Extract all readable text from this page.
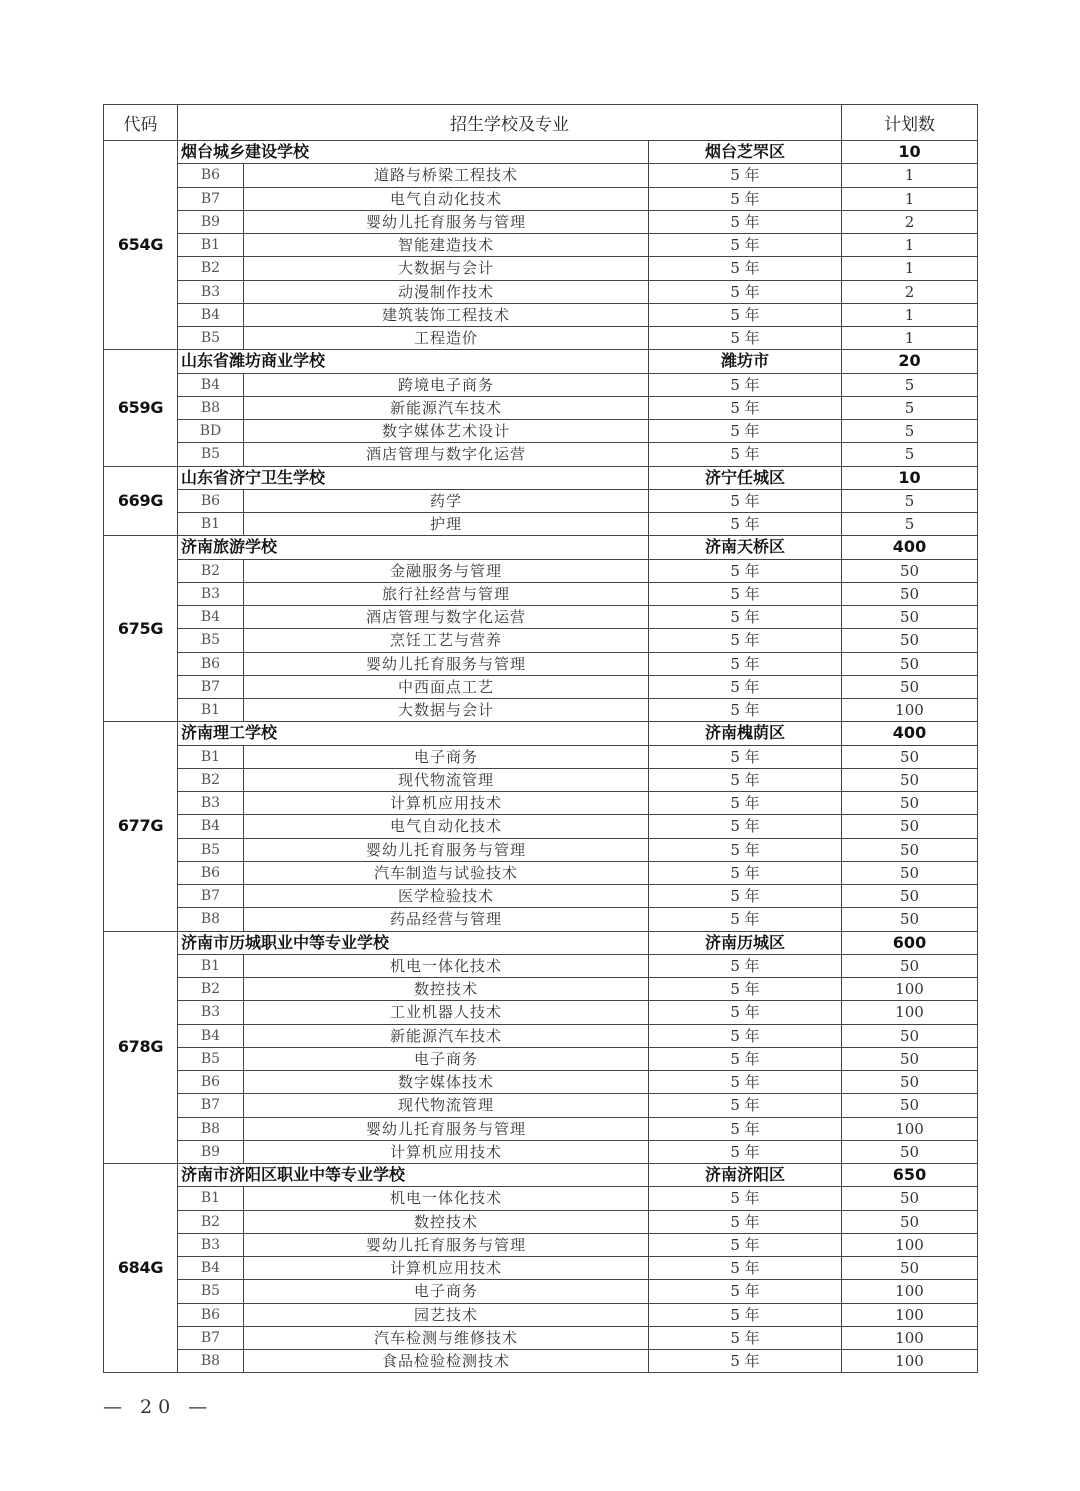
代码	招生学校及专业			计划数
654G	烟台城乡建设学校		烟台芝罘区	10
	B6	道路与桥梁工程技术	5 年	1
	B7	电气自动化技术	5 年	1
	B9	婴幼儿托育服务与管理	5 年	2
	B1	智能建造技术	5 年	1
	B2	大数据与会计	5 年	1
	B3	动漫制作技术	5 年	2
	B4	建筑装饰工程技术	5 年	1
	B5	工程造价	5 年	1
659G	山东省潍坊商业学校		潍坊市	20
	B4	跨境电子商务	5 年	5
	B8	新能源汽车技术	5 年	5
	BD	数字媒体艺术设计	5 年	5
	B5	酒店管理与数字化运营	5 年	5
669G	山东省济宁卫生学校		济宁任城区	10
	B6	药学	5 年	5
	B1	护理	5 年	5
675G	济南旅游学校		济南天桥区	400
	B2	金融服务与管理	5 年	50
	B3	旅行社经营与管理	5 年	50
	B4	酒店管理与数字化运营	5 年	50
	B5	烹饪工艺与营养	5 年	50
	B6	婴幼儿托育服务与管理	5 年	50
	B7	中西面点工艺	5 年	50
	B1	大数据与会计	5 年	100
677G	济南理工学校		济南槐荫区	400
	B1	电子商务	5 年	50
	B2	现代物流管理	5 年	50
	B3	计算机应用技术	5 年	50
	B4	电气自动化技术	5 年	50
	B5	婴幼儿托育服务与管理	5 年	50
	B6	汽车制造与试验技术	5 年	50
	B7	医学检验技术	5 年	50
	B8	药品经营与管理	5 年	50
678G	济南市历城职业中等专业学校		济南历城区	600
	B1	机电一体化技术	5 年	50
	B2	数控技术	5 年	100
	B3	工业机器人技术	5 年	100
	B4	新能源汽车技术	5 年	50
	B5	电子商务	5 年	50
	B6	数字媒体技术	5 年	50
	B7	现代物流管理	5 年	50
	B8	婴幼儿托育服务与管理	5 年	100
	B9	计算机应用技术	5 年	50
684G	济南市济阳区职业中等专业学校		济南济阳区	650
	B1	机电一体化技术	5 年	50
	B2	数控技术	5 年	50
	B3	婴幼儿托育服务与管理	5 年	100
	B4	计算机应用技术	5 年	50
	B5	电子商务	5 年	100
	B6	园艺技术	5 年	100
	B7	汽车检测与维修技术	5 年	100
	B8	食品检验检测技术	5 年	100
— 20 —
